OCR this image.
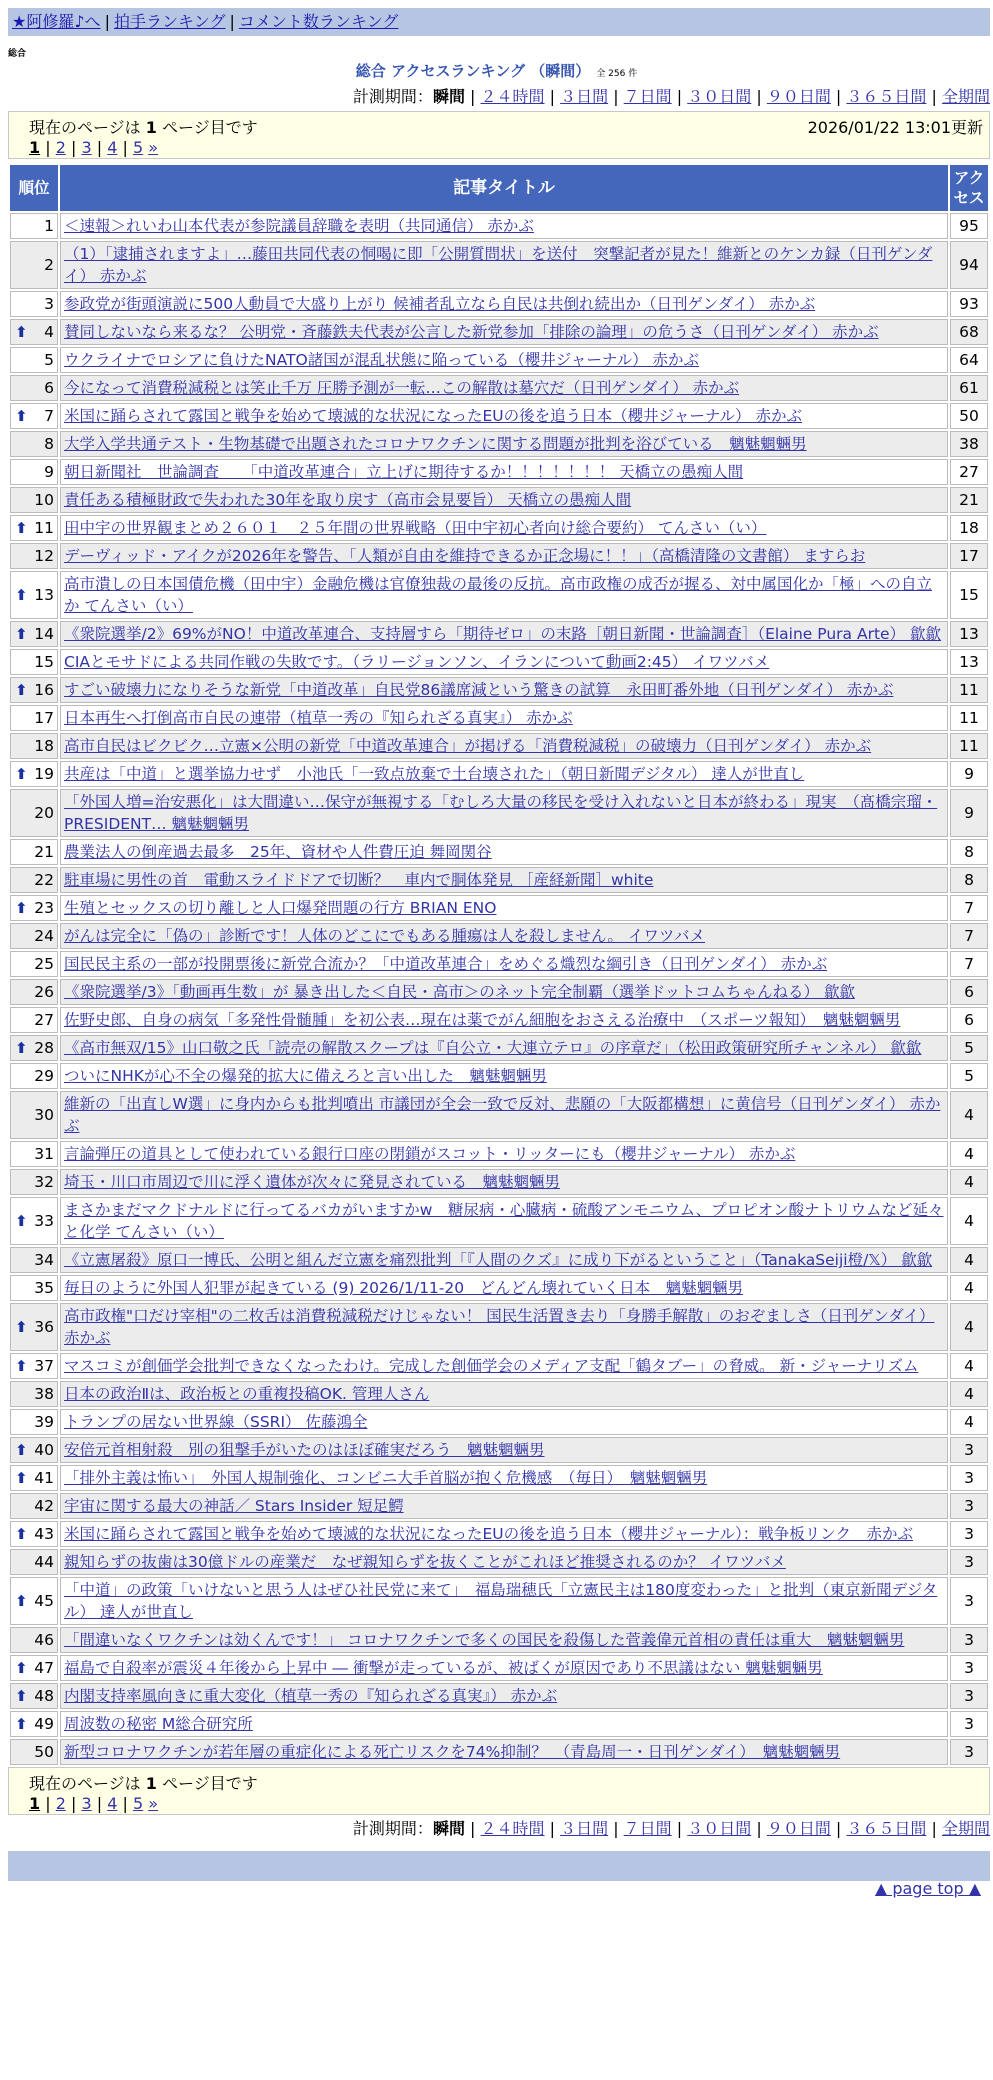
★阿修羅♪へ | 拍手ランキング | コメント数ランキング
総合
総合 アクセスランキング （瞬間） 全 256 件
計測期間：瞬間 | ２４時間 | ３日間 | ７日間 | ３０日間 | ９０日間 | ３６５日間 | 全期間
現在のページは 1 ページ目です	2026/01/22 13:01更新
1 | 2 | 3 | 4 | 5 »
順位	記事タイトル	アクセス
1	＜速報＞れいわ山本代表が参院議員辞職を表明（共同通信） 赤かぶ	95
2	（1）「逮捕されますよ」…藤田共同代表の恫喝に即「公開質問状」を送付　突撃記者が見た！維新とのケンカ録（日刊ゲンダイ） 赤かぶ	94
3	参政党が街頭演説に500人動員で大盛り上がり 候補者乱立なら自民は共倒れ続出か（日刊ゲンダイ） 赤かぶ	93

⬆ 4	賛同しないなら来るな？ 公明党・斉藤鉄夫代表が公言した新党参加「排除の論理」の危うさ（日刊ゲンダイ） 赤かぶ	68
5	ウクライナでロシアに負けたNATO諸国が混乱状態に陥っている（櫻井ジャーナル） 赤かぶ	64
6	今になって消費税減税とは笑止千万 圧勝予測が一転…この解散は墓穴だ（日刊ゲンダイ） 赤かぶ	61

⬆ 7	米国に踊らされて露国と戦争を始めて壊滅的な状況になったEUの後を追う日本（櫻井ジャーナル） 赤かぶ	50
8	大学入学共通テスト・生物基礎で出題されたコロナワクチンに関する問題が批判を浴びている　魑魅魍魎男	38
9	朝日新聞社　世論調査　　「中道改革連合」立上げに期待するか！！！！！！！ 天橋立の愚痴人間	27
10	責任ある積極財政で失われた30年を取り戻す（高市会見要旨） 天橋立の愚痴人間	21

⬆ 11	田中宇の世界観まとめ２６０１　２５年間の世界戦略（田中宇初心者向け総合要約） てんさい（い）	18
12	デーヴィッド・アイクが2026年を警告、「人類が自由を維持できるか正念場に！！」（高橋清隆の文書館） ますらお	17

⬆ 13	高市潰しの日本国債危機（田中宇）金融危機は官僚独裁の最後の反抗。高市政権の成否が握る、対中属国化か「極」への自立か てんさい（い）	15

⬆ 14	《衆院選挙/2》69%がNO！中道改革連合、支持層すら「期待ゼロ」の末路［朝日新聞・世論調査］（Elaine Pura Arte） 歙歙	13
15	CIAとモサドによる共同作戦の失敗です。（ラリージョンソン、イランについて動画2:45） イワツバメ	13

⬆ 16	すごい破壊力になりそうな新党「中道改革」自民党86議席減という驚きの試算　永田町番外地（日刊ゲンダイ） 赤かぶ	11
17	日本再生へ打倒高市自民の連帯（植草一秀の『知られざる真実』） 赤かぶ	11
18	高市自民はビクビク…立憲×公明の新党「中道改革連合」が掲げる「消費税減税」の破壊力（日刊ゲンダイ） 赤かぶ	11

⬆ 19	共産は「中道」と選挙協力せず　小池氏「一致点放棄で土台壊された」（朝日新聞デジタル） 達人が世直し	9
20	「外国人増=治安悪化」は大間違い…保守が無視する「むしろ大量の移民を受け入れないと日本が終わる」現実　（髙橋宗瑠・PRESIDENT… 魑魅魍魎男	9
21	農業法人の倒産過去最多　25年、資材や人件費圧迫 舞岡関谷	8
22	駐車場に男性の首　電動スライドドアで切断？　車内で胴体発見 ［産経新聞］white	8

⬆ 23	生殖とセックスの切り離しと人口爆発問題の行方 BRIAN ENO	7
24	がんは完全に「偽の」診断です！人体のどこにでもある腫瘍は人を殺しません。 イワツバメ	7
25	国民民主系の一部が投開票後に新党合流か？「中道改革連合」をめぐる熾烈な綱引き（日刊ゲンダイ） 赤かぶ	7
26	《衆院選挙/3》「動画再生数」が 暴き出した＜自民・高市＞のネット完全制覇（選挙ドットコムちゃんねる） 歙歙	6
27	佐野史郎、自身の病気「多発性骨髄腫」を初公表…現在は薬でがん細胞をおさえる治療中　（スポーツ報知）　魑魅魍魎男	6

⬆ 28	《高市無双/15》山口敬之氏「読売の解散スクープは『自公立・大連立テロ』の序章だ」（松田政策研究所チャンネル） 歙歙	5
29	ついにNHKが心不全の爆発的拡大に備えろと言い出した　魑魅魍魎男	5
30	維新の「出直しW選」に身内からも批判噴出 市議団が全会一致で反対、悲願の「大阪都構想」に黄信号（日刊ゲンダイ） 赤かぶ	4
31	言論弾圧の道具として使われている銀行口座の閉鎖がスコット・リッターにも（櫻井ジャーナル） 赤かぶ	4
32	埼玉・川口市周辺で川に浮く遺体が次々に発見されている　魑魅魍魎男	4

⬆ 33	まさかまだマクドナルドに行ってるバカがいますかw　糖尿病・心臓病・硫酸アンモニウム、プロピオン酸ナトリウムなど延々と化学 てんさい（い）	4
34	《立憲屠殺》原口一博氏、公明と組んだ立憲を痛烈批判「『人間のクズ』に成り下がるということ」（TanakaSeiji橙/𝕏） 歙歙	4
35	毎日のように外国人犯罪が起きている (9) 2026/1/11-20　どんどん壊れていく日本　魑魅魍魎男	4

⬆ 36	高市政権"口だけ宰相"の二枚舌は消費税減税だけじゃない！ 国民生活置き去り「身勝手解散」のおぞましさ（日刊ゲンダイ） 赤かぶ	4

⬆ 37	マスコミが創価学会批判できなくなったわけ。完成した創価学会のメディア支配「鶴タブー」の脅威。 新・ジャーナリズム	4
38	日本の政治Ⅱは、政治板との重複投稿OK. 管理人さん	4
39	トランプの居ない世界線（SSRI） 佐藤鴻全	4

⬆ 40	安倍元首相射殺　別の狙撃手がいたのはほぼ確実だろう　魑魅魍魎男	3

⬆ 41	「排外主義は怖い」　外国人規制強化、コンビニ大手首脳が抱く危機感　（毎日）　魑魅魍魎男	3
42	宇宙に関する最大の神話／ Stars Insider 短足鰐	3

⬆ 43	米国に踊らされて露国と戦争を始めて壊滅的な状況になったEUの後を追う日本（櫻井ジャーナル）：戦争板リンク　赤かぶ	3
44	親知らずの抜歯は30億ドルの産業だ　なぜ親知らずを抜くことがこれほど推奨されるのか？ イワツバメ	3

⬆ 45	「中道」の政策「いけないと思う人はぜひ社民党に来て」　福島瑞穂氏「立憲民主は180度変わった」と批判（東京新聞デジタル） 達人が世直し	3
46	「間違いなくワクチンは効くんです！」 コロナワクチンで多くの国民を殺傷した菅義偉元首相の責任は重大　魑魅魍魎男	3

⬆ 47	福島で自殺率が震災４年後から上昇中 ― 衝撃が走っているが、被ばくが原因であり不思議はない 魑魅魍魎男	3

⬆ 48	内閣支持率風向きに重大変化（植草一秀の『知られざる真実』） 赤かぶ	3

⬆ 49	周波数の秘密 M総合研究所	3
50	新型コロナワクチンが若年層の重症化による死亡リスクを74%抑制？　（青島周一・日刊ゲンダイ）　魑魅魍魎男	3
計測期間：瞬間 | ２４時間 | ３日間 | ７日間 | ３０日間 | ９０日間 | ３６５日間 | 全期間
▲ page top ▲
現在のページは 1 ページ目です
1 | 2 | 3 | 4 | 5 »
